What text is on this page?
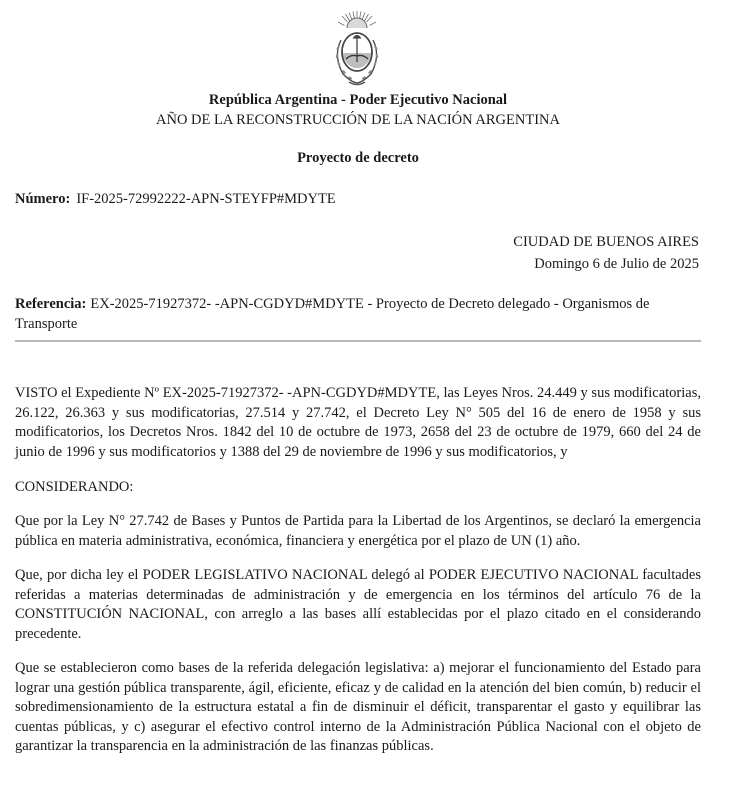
República Argentina - Poder Ejecutivo Nacional
AÑO DE LA RECONSTRUCCIÓN DE LA NACIÓN ARGENTINA
Proyecto de decreto
Número: IF-2025-72992222-APN-STEYFP#MDYTE
CIUDAD DE BUENOS AIRES
Domingo 6 de Julio de 2025
Referencia: EX-2025-71927372- -APN-CGDYD#MDYTE - Proyecto de Decreto delegado - Organismos de Transporte
VISTO el Expediente Nº EX-2025-71927372- -APN-CGDYD#MDYTE, las Leyes Nros. 24.449 y sus modificatorias, 26.122, 26.363 y sus modificatorias, 27.514 y 27.742, el Decreto Ley N° 505 del 16 de enero de 1958 y sus modificatorios, los Decretos Nros. 1842 del 10 de octubre de 1973, 2658 del 23 de octubre de 1979, 660 del 24 de junio de 1996 y sus modificatorios y 1388 del 29 de noviembre de 1996 y sus modificatorios, y
CONSIDERANDO:
Que por la Ley N° 27.742 de Bases y Puntos de Partida para la Libertad de los Argentinos, se declaró la emergencia pública en materia administrativa, económica, financiera y energética por el plazo de UN (1) año.
Que, por dicha ley el PODER LEGISLATIVO NACIONAL delegó al PODER EJECUTIVO NACIONAL facultades referidas a materias determinadas de administración y de emergencia en los términos del artículo 76 de la CONSTITUCIÓN NACIONAL, con arreglo a las bases allí establecidas por el plazo citado en el considerando precedente.
Que se establecieron como bases de la referida delegación legislativa: a) mejorar el funcionamiento del Estado para lograr una gestión pública transparente, ágil, eficiente, eficaz y de calidad en la atención del bien común, b) reducir el sobredimensionamiento de la estructura estatal a fin de disminuir el déficit, transparentar el gasto y equilibrar las cuentas públicas, y c) asegurar el efectivo control interno de la Administración Pública Nacional con el objeto de garantizar la transparencia en la administración de las finanzas públicas.
